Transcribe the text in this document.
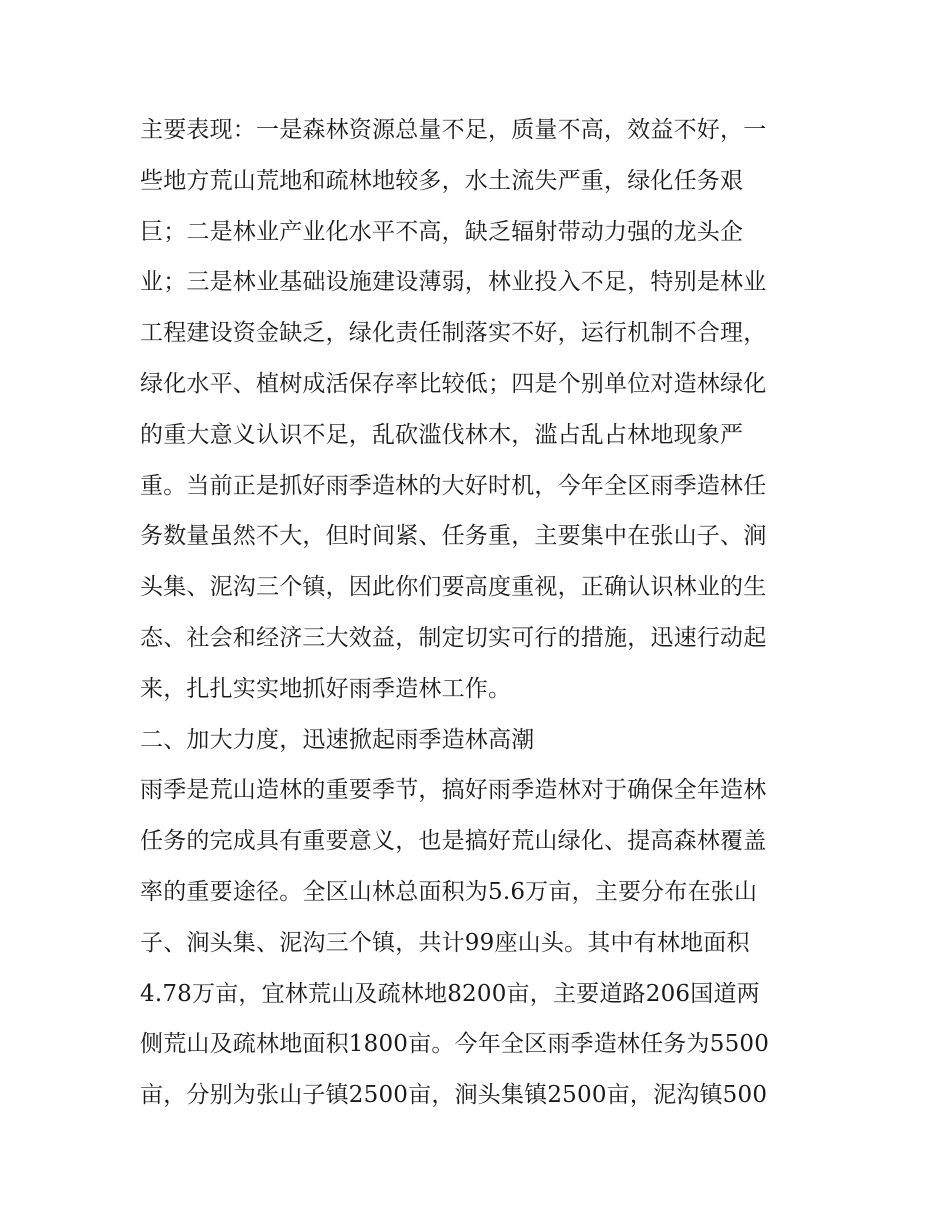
主要表现：一是森林资源总量不足，质量不高，效益不好，一
些地方荒山荒地和疏林地较多，水土流失严重，绿化任务艰
巨；二是林业产业化水平不高，缺乏辐射带动力强的龙头企
业；三是林业基础设施建设薄弱，林业投入不足，特别是林业
工程建设资金缺乏，绿化责任制落实不好，运行机制不合理，
绿化水平、植树成活保存率比较低；四是个别单位对造林绿化
的重大意义认识不足，乱砍滥伐林木，滥占乱占林地现象严
重。当前正是抓好雨季造林的大好时机，今年全区雨季造林任
务数量虽然不大，但时间紧、任务重，主要集中在张山子、涧
头集、泥沟三个镇，因此你们要高度重视，正确认识林业的生
态、社会和经济三大效益，制定切实可行的措施，迅速行动起
来，扎扎实实地抓好雨季造林工作。
二、加大力度，迅速掀起雨季造林高潮
雨季是荒山造林的重要季节，搞好雨季造林对于确保全年造林
任务的完成具有重要意义，也是搞好荒山绿化、提高森林覆盖
率的重要途径。全区山林总面积为5.6万亩，主要分布在张山
子、涧头集、泥沟三个镇，共计99座山头。其中有林地面积
4.78万亩，宜林荒山及疏林地8200亩，主要道路206国道两
侧荒山及疏林地面积1800亩。今年全区雨季造林任务为5500
亩，分别为张山子镇2500亩，涧头集镇2500亩，泥沟镇500
